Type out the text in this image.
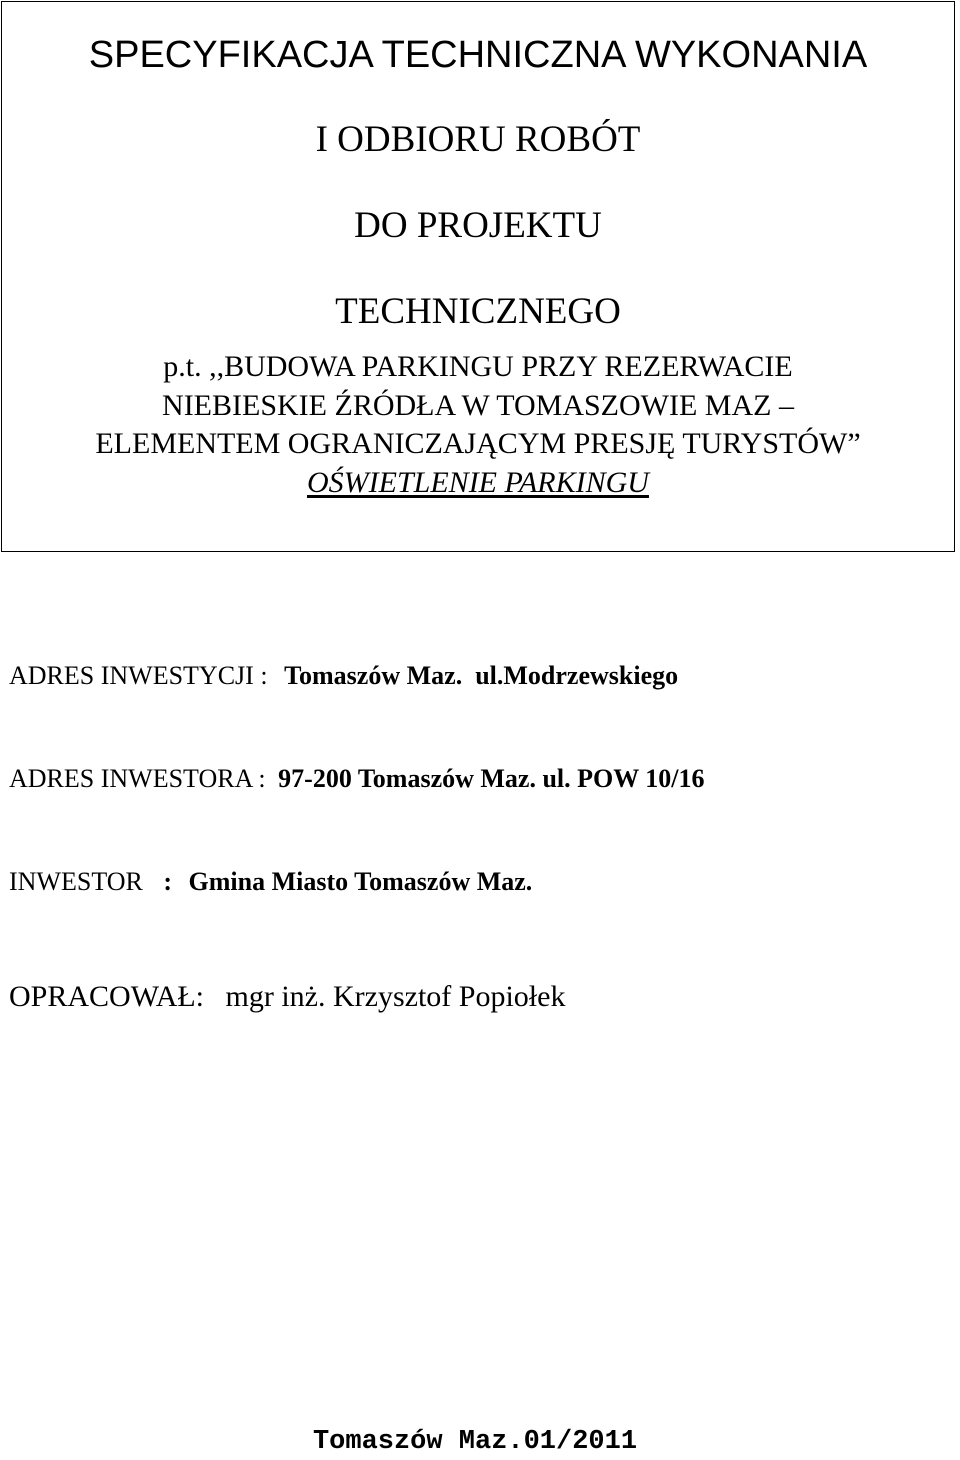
SPECYFIKACJA TECHNICZNA WYKONANIA
I ODBIORU ROBÓT
DO PROJEKTU
TECHNICZNEGO
p.t. ,,BUDOWA PARKINGU PRZY REZERWACIE
NIEBIESKIE ŹRÓDŁA W TOMASZOWIE MAZ –
ELEMENTEM OGRANICZAJĄCYM PRESJĘ TURYSTÓW”
OŚWIETLENIE PARKINGU
ADRES INWESTYCJI : Tomaszów Maz.  ul.Modrzewskiego
ADRES INWESTORA : 97-200 Tomaszów Maz. ul. POW 10/16
INWESTOR : Gmina Miasto Tomaszów Maz.
OPRACOWAŁ: mgr inż. Krzysztof Popiołek
Tomaszów Maz.01/2011
